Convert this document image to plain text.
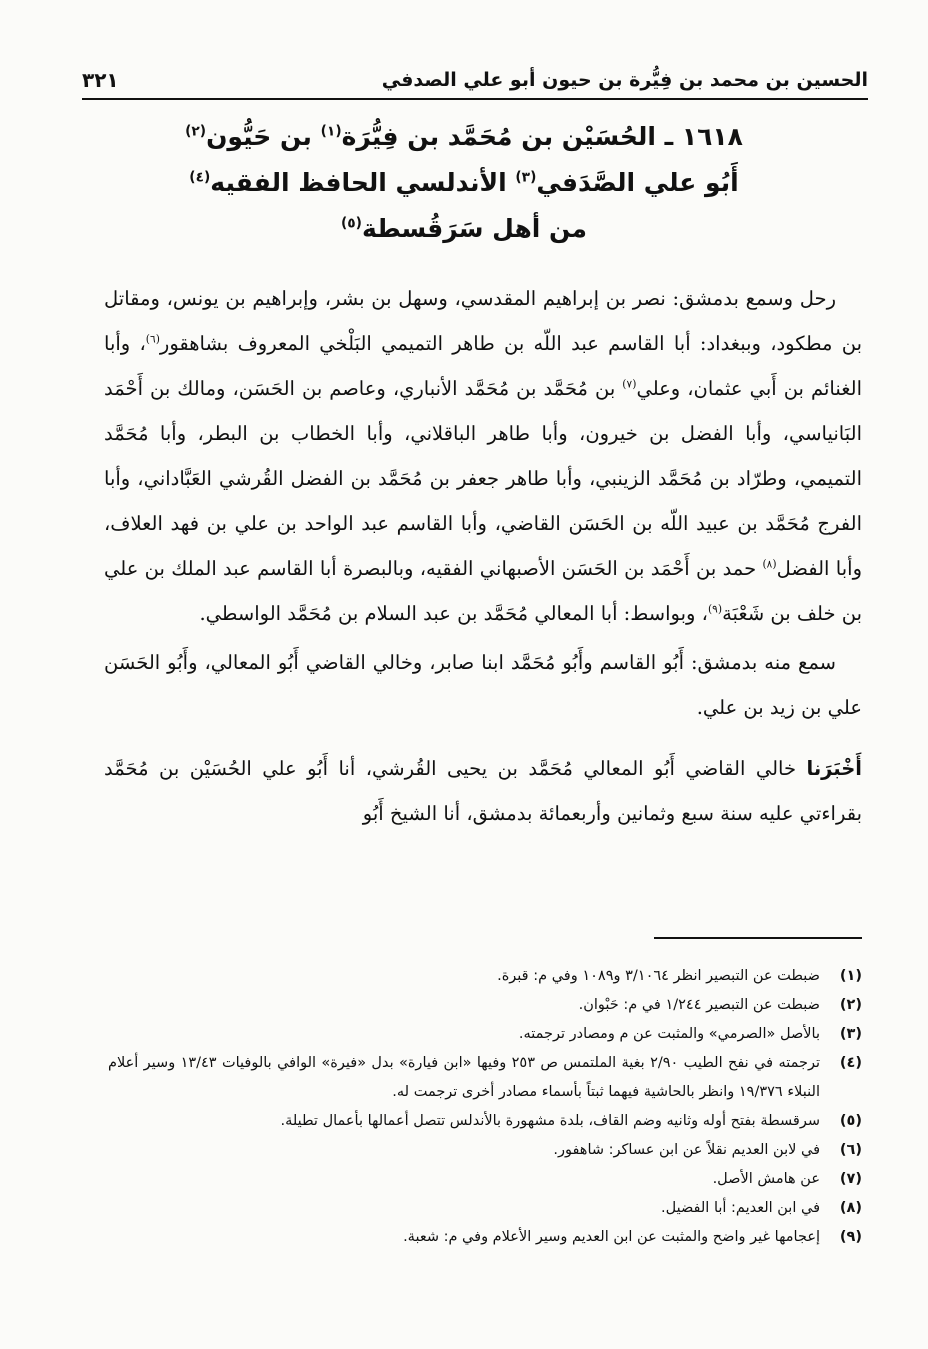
الحسين بن محمد بن فِيُّرة بن حيون أبو علي الصدفي
٣٢١
١٦١٨ ـ الحُسَيْن بن مُحَمَّد بن فِيُّرَة$^{(١)}$ بن حَيُّون$^{(٢)}$
أَبُو علي الصَّدَفي$^{(٣)}$ الأندلسي الحافظ الفقيه$^{(٤)}$
من أهل سَرَقُسطة$^{(٥)}$

رحل وسمع بدمشق: نصر بن إبراهيم المقدسي، وسهل بن بشر، وإبراهيم بن يونس، ومقاتل بن مطكود، وببغداد: أبا القاسم عبد اللّه بن طاهر التميمي البَلْخي المعروف بشاهقور$^{(٦)}$، وأبا الغنائم بن أَبي عثمان، وعلي$^{(٧)}$ بن مُحَمَّد بن مُحَمَّد الأنباري، وعاصم بن الحَسَن، ومالك بن أَحْمَد البَانياسي، وأبا الفضل بن خيرون، وأبا طاهر الباقلاني، وأبا الخطاب بن البطر، وأبا مُحَمَّد التميمي، وطرّاد بن مُحَمَّد الزينبي، وأبا طاهر جعفر بن مُحَمَّد بن الفضل القُرشي العَبَّاداني، وأبا الفرج مُحَمَّد بن عبيد اللّه بن الحَسَن القاضي، وأبا القاسم عبد الواحد بن علي بن فهد العلاف، وأبا الفضل$^{(٨)}$ حمد بن أَحْمَد بن الحَسَن الأصبهاني الفقيه، وبالبصرة أبا القاسم عبد الملك بن علي بن خلف بن شَعْبَة$^{(٩)}$، وبواسط: أبا المعالي مُحَمَّد بن عبد السلام بن مُحَمَّد الواسطي.

سمع منه بدمشق: أَبُو القاسم وأَبُو مُحَمَّد ابنا صابر، وخالي القاضي أَبُو المعالي، وأَبُو الحَسَن علي بن زيد بن علي.

أَخْبَرَنا خالي القاضي أَبُو المعالي مُحَمَّد بن يحيى القُرشي، أنا أَبُو علي الحُسَيْن بن مُحَمَّد بقراءتي عليه سنة سبع وثمانين وأربعمائة بدمشق، أنا الشيخ أَبُو

(١)
ضبطت عن التبصير انظر ٣/١٠٦٤ و١٠٨٩ وفي م: قبرة.
(٢)
ضبطت عن التبصير ١/٢٤٤ في م: حَبْوان.
(٣)
بالأصل «الصرمي» والمثبت عن م ومصادر ترجمته.
(٤)
ترجمته في نفح الطيب ٢/٩٠ بغية الملتمس ص ٢٥٣ وفيها «ابن فيارة» بدل «فيرة» الوافي بالوفيات ١٣/٤٣ وسير أعلام النبلاء ١٩/٣٧٦ وانظر بالحاشية فيهما ثبتاً بأسماء مصادر أخرى ترجمت له.
(٥)
سرقسطة بفتح أوله وثانيه وضم القاف، بلدة مشهورة بالأندلس تتصل أعمالها بأعمال تطيلة.
(٦)
في لابن العديم نقلاً عن ابن عساكر: شاهفور.
(٧)
عن هامش الأصل.
(٨)
في ابن العديم: أبا الفضيل.
(٩)
إعجامها غير واضح والمثبت عن ابن العديم وسير الأعلام وفي م: شعبة.
